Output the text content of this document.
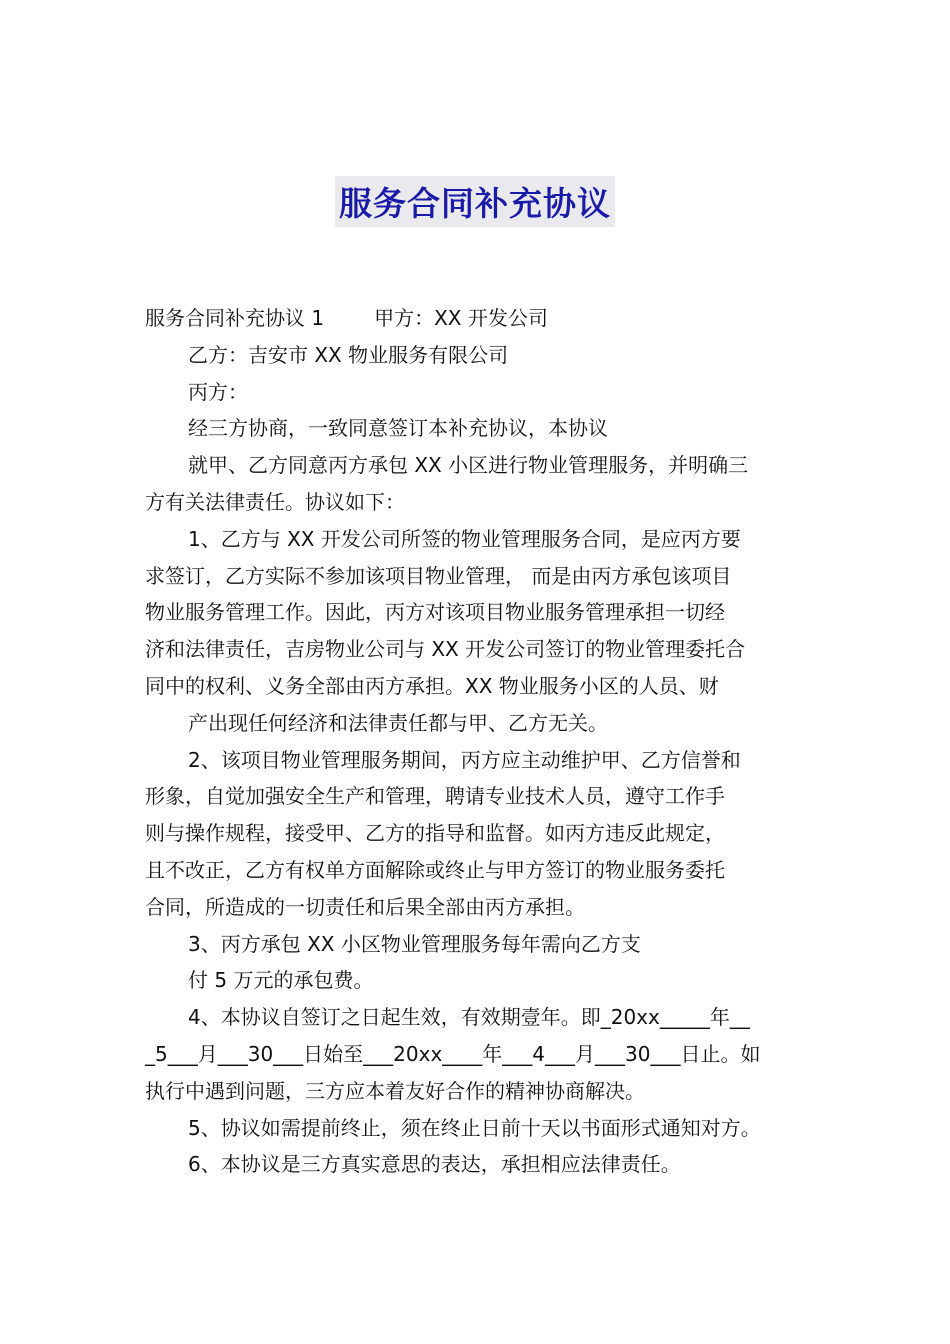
服务合同补充协议
服务合同补充协议 1	甲方：XX 开发公司
乙方：吉安市 XX 物业服务有限公司
丙方：
经三方协商，一致同意签订本补充协议，本协议
就甲、乙方同意丙方承包 XX 小区进行物业管理服务，并明确三
方有关法律责任。协议如下：
1、乙方与 XX 开发公司所签的物业管理服务合同，是应丙方要
求签订，乙方实际不参加该项目物业管理， 而是由丙方承包该项目
物业服务管理工作。因此，丙方对该项目物业服务管理承担一切经
济和法律责任，吉房物业公司与 XX 开发公司签订的物业管理委托合
同中的权利、义务全部由丙方承担。XX 物业服务小区的人员、财
产出现任何经济和法律责任都与甲、乙方无关。
2、该项目物业管理服务期间，丙方应主动维护甲、乙方信誉和
形象，自觉加强安全生产和管理，聘请专业技术人员，遵守工作手
则与操作规程，接受甲、乙方的指导和监督。如丙方违反此规定，
且不改正，乙方有权单方面解除或终止与甲方签订的物业服务委托
合同，所造成的一切责任和后果全部由丙方承担。
3、丙方承包 XX 小区物业管理服务每年需向乙方支
付 5 万元的承包费。
4、本协议自签订之日起生效，有效期壹年。即_20xx_____年__
_5___月___30___日始至___20xx____年___4___月___30___日止。如
执行中遇到问题，三方应本着友好合作的精神协商解决。
5、协议如需提前终止，须在终止日前十天以书面形式通知对方。
6、本协议是三方真实意思的表达，承担相应法律责任。
